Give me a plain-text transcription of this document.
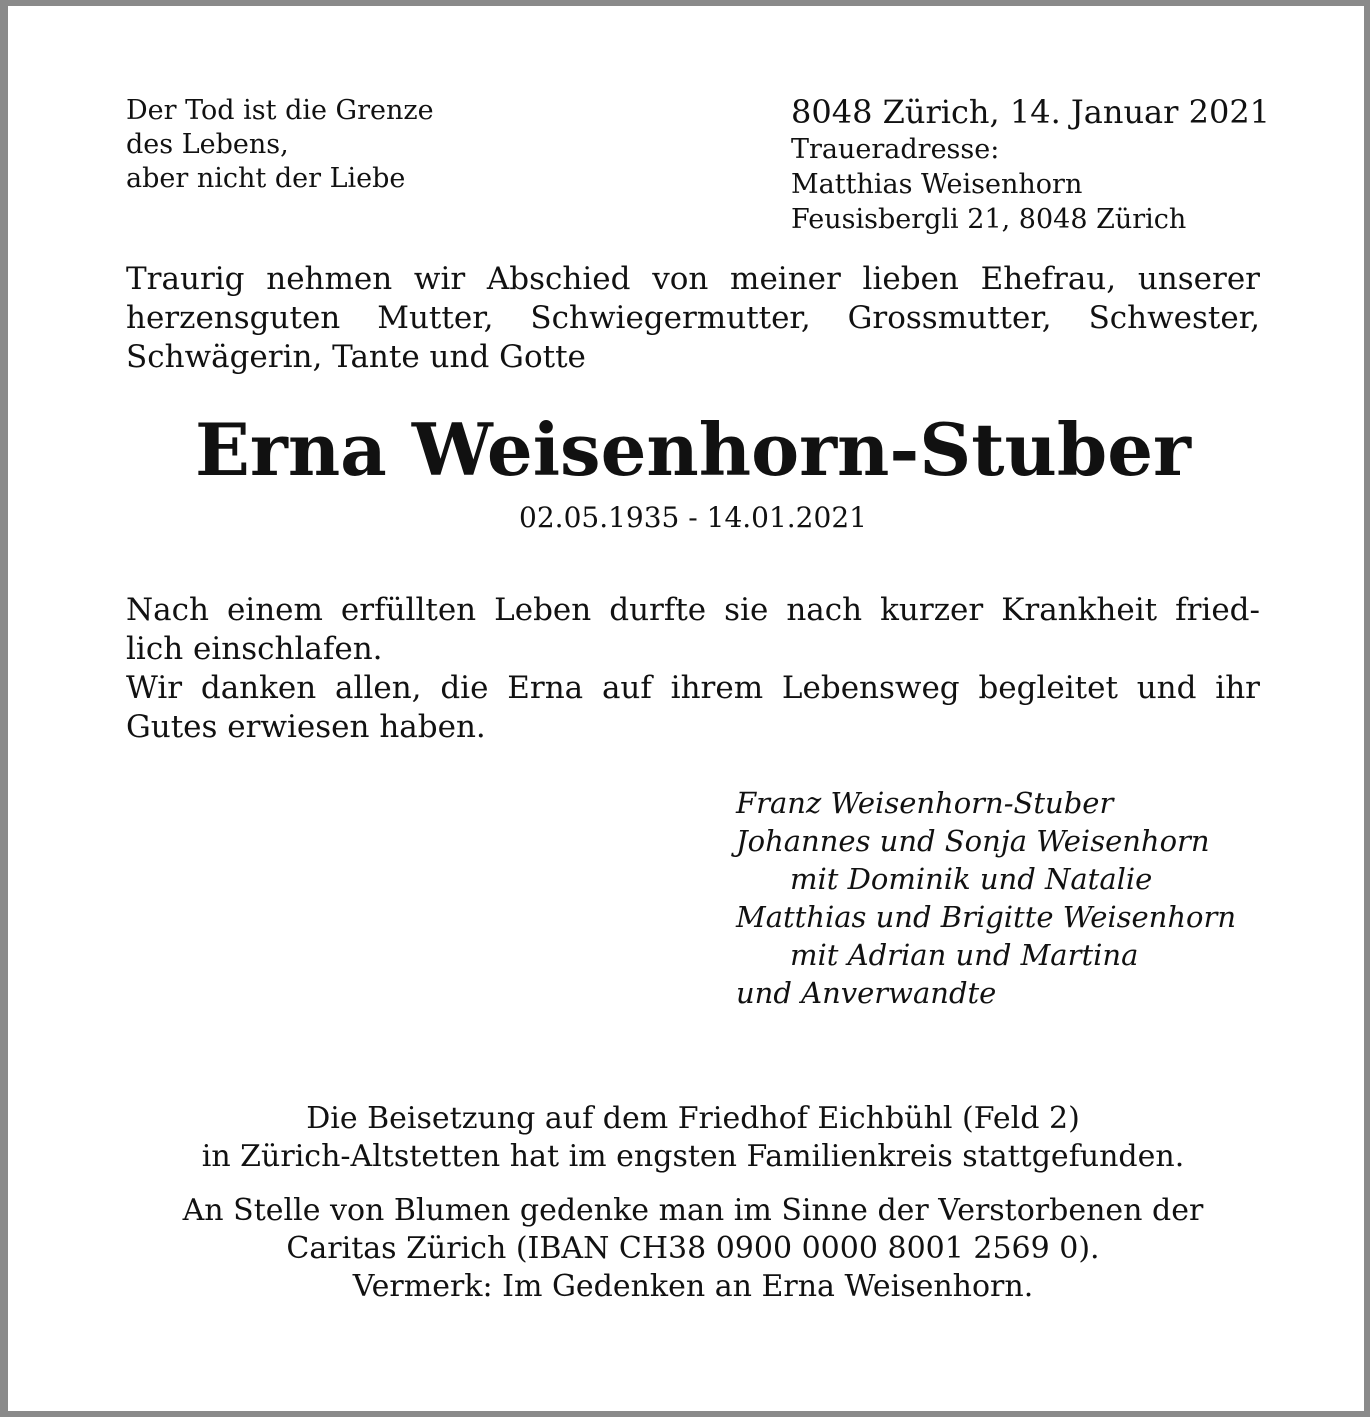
Der Tod ist die Grenze
des Lebens,
aber nicht der Liebe
8048 Zürich, 14. Januar 2021
Traueradresse:
Matthias Weisenhorn
Feusisbergli 21, 8048 Zürich
Traurig nehmen wir Abschied von meiner lieben Ehefrau, unserer
herzensguten Mutter, Schwiegermutter, Grossmutter, Schwester,
Schwägerin, Tante und Gotte
Erna Weisenhorn-Stuber
02.05.1935 - 14.01.2021
Nach einem erfüllten Leben durfte sie nach kurzer Krankheit fried-
lich einschlafen.
Wir danken allen, die Erna auf ihrem Lebensweg begleitet und ihr
Gutes erwiesen haben.
Franz Weisenhorn-Stuber
Johannes und Sonja Weisenhorn
mit Dominik und Natalie
Matthias und Brigitte Weisenhorn
mit Adrian und Martina
und Anverwandte
Die Beisetzung auf dem Friedhof Eichbühl (Feld 2)
in Zürich-Altstetten hat im engsten Familienkreis stattgefunden.
An Stelle von Blumen gedenke man im Sinne der Verstorbenen der
Caritas Zürich (IBAN CH38 0900 0000 8001 2569 0).
Vermerk: Im Gedenken an Erna Weisenhorn.
